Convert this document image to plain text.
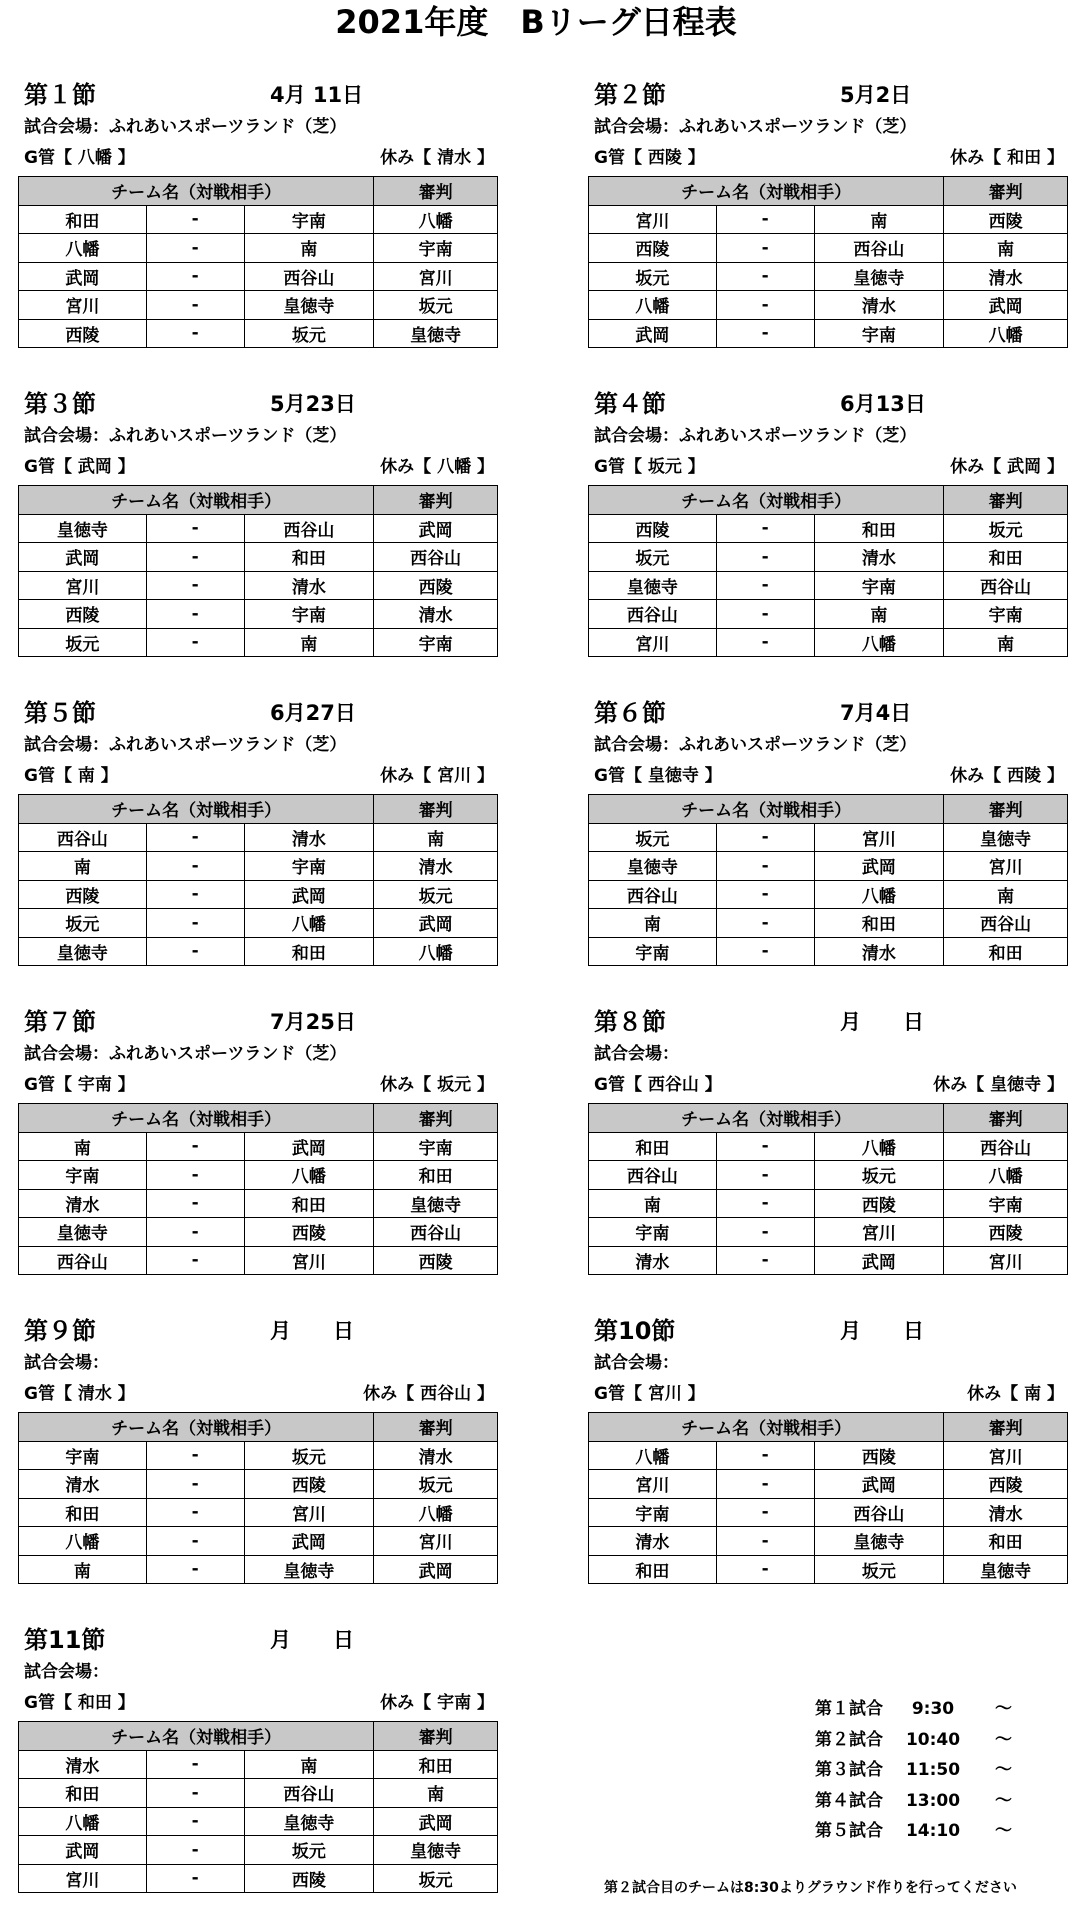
2021年度　Bリーグ日程表
第１節	4月 11日
試合会場：ふれあいスポーツランド（芝）
G管【 八幡 】	休み【 清水 】
チーム名（対戦相手）			審判
和田	-	宇南	八幡
八幡	-	南	宇南
武岡	-	西谷山	宮川
宮川	-	皇徳寺	坂元
西陵	-	坂元	皇徳寺
第２節	5月2日
試合会場：ふれあいスポーツランド（芝）
G管【 西陵 】	休み【 和田 】
チーム名（対戦相手）			審判
宮川	-	南	西陵
西陵	-	西谷山	南
坂元	-	皇徳寺	清水
八幡	-	清水	武岡
武岡	-	宇南	八幡
第３節	5月23日
試合会場：ふれあいスポーツランド（芝）
G管【 武岡 】	休み【 八幡 】
チーム名（対戦相手）			審判
皇徳寺	-	西谷山	武岡
武岡	-	和田	西谷山
宮川	-	清水	西陵
西陵	-	宇南	清水
坂元	-	南	宇南
第４節	6月13日
試合会場：ふれあいスポーツランド（芝）
G管【 坂元 】	休み【 武岡 】
チーム名（対戦相手）			審判
西陵	-	和田	坂元
坂元	-	清水	和田
皇徳寺	-	宇南	西谷山
西谷山	-	南	宇南
宮川	-	八幡	南
第５節	6月27日
試合会場：ふれあいスポーツランド（芝）
G管【 南 】	休み【 宮川 】
チーム名（対戦相手）			審判
西谷山	-	清水	南
南	-	宇南	清水
西陵	-	武岡	坂元
坂元	-	八幡	武岡
皇徳寺	-	和田	八幡
第６節	7月4日
試合会場：ふれあいスポーツランド（芝）
G管【 皇徳寺 】	休み【 西陵 】
チーム名（対戦相手）			審判
坂元	-	宮川	皇徳寺
皇徳寺	-	武岡	宮川
西谷山	-	八幡	南
南	-	和田	西谷山
宇南	-	清水	和田
第７節	7月25日
試合会場：ふれあいスポーツランド（芝）
G管【 宇南 】	休み【 坂元 】
チーム名（対戦相手）			審判
南	-	武岡	宇南
宇南	-	八幡	和田
清水	-	和田	皇徳寺
皇徳寺	-	西陵	西谷山
西谷山	-	宮川	西陵
第８節	月　　日
試合会場：
G管【 西谷山 】	休み【 皇徳寺 】
チーム名（対戦相手）			審判
和田	-	八幡	西谷山
西谷山	-	坂元	八幡
南	-	西陵	宇南
宇南	-	宮川	西陵
清水	-	武岡	宮川
第９節	月　　日
試合会場：
G管【 清水 】	休み【 西谷山 】
チーム名（対戦相手）			審判
宇南	-	坂元	清水
清水	-	西陵	坂元
和田	-	宮川	八幡
八幡	-	武岡	宮川
南	-	皇徳寺	武岡
第10節	月　　日
試合会場：
G管【 宮川 】	休み【 南 】
チーム名（対戦相手）			審判
八幡	-	西陵	宮川
宮川	-	武岡	西陵
宇南	-	西谷山	清水
清水	-	皇徳寺	和田
和田	-	坂元	皇徳寺
第11節	月　　日
試合会場：
G管【 和田 】	休み【 宇南 】
チーム名（対戦相手）			審判
清水	-	南	和田
和田	-	西谷山	南
八幡	-	皇徳寺	武岡
武岡	-	坂元	皇徳寺
宮川	-	西陵	坂元
第１試合 9:30 ～
第２試合 10:40 ～
第３試合 11:50 ～
第４試合 13:00 ～
第５試合 14:10 ～
第２試合目のチームは8:30よりグラウンド作りを行ってください
